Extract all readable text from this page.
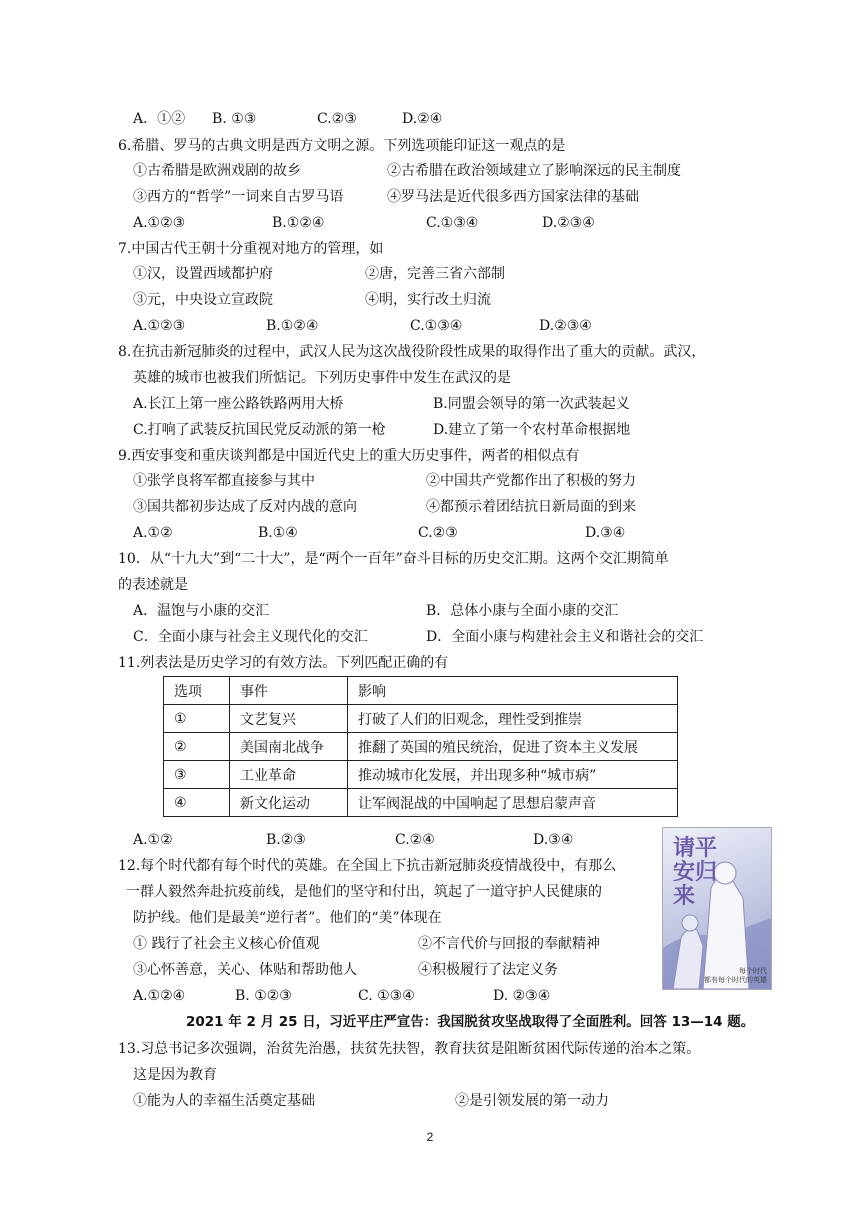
A．①② B. ①③	C.②③	D.②④
6.希腊、罗马的古典文明是西方文明之源。下列选项能印证这一观点的是
①古希腊是欧洲戏剧的故乡	②古希腊在政治领域建立了影响深远的民主制度
③西方的“哲学”一词来自古罗马语	④罗马法是近代很多西方国家法律的基础
A.①②③	B.①②④	C.①③④	D.②③④
7.中国古代王朝十分重视对地方的管理，如
①汉，设置西域都护府	②唐，完善三省六部制
③元，中央设立宣政院	④明，实行改土归流
A.①②③	B.①②④	C.①③④	D.②③④
8.在抗击新冠肺炎的过程中，武汉人民为这次战役阶段性成果的取得作出了重大的贡献。武汉，
英雄的城市也被我们所惦记。下列历史事件中发生在武汉的是
A.长江上第一座公路铁路两用大桥	B.同盟会领导的第一次武装起义
C.打响了武装反抗国民党反动派的第一枪	D.建立了第一个农村革命根据地
9.西安事变和重庆谈判都是中国近代史上的重大历史事件，两者的相似点有
①张学良将军都直接参与其中	②中国共产党都作出了积极的努力
③国共都初步达成了反对内战的意向	④都预示着团结抗日新局面的到来
A.①②	B.①④	C.②③	D.③④
10．从“十九大”到“二十大”，是“两个一百年”奋斗目标的历史交汇期。这两个交汇期简单
的表述就是
A．温饱与小康的交汇	B．总体小康与全面小康的交汇
C．全面小康与社会主义现代化的交汇	D．全面小康与构建社会主义和谐社会的交汇
11.列表法是历史学习的有效方法。下列匹配正确的有
选项	事件	影响
①	文艺复兴	打破了人们的旧观念，理性受到推崇
②	美国南北战争	推翻了英国的殖民统治，促进了资本主义发展
③	工业革命	推动城市化发展，并出现多种“城市病”
④	新文化运动	让军阀混战的中国响起了思想启蒙声音
A.①②	B.②③	C.②④	D.③④
12.每个时代都有每个时代的英雄。在全国上下抗击新冠肺炎疫情战役中，有那么
一群人毅然奔赴抗疫前线，是他们的坚守和付出，筑起了一道守护人民健康的
防护线。他们是最美“逆行者”。他们的“美”体现在
① 践行了社会主义核心价值观	②不言代价与回报的奉献精神
③心怀善意，关心、体贴和帮助他人	④积极履行了法定义务
A.①②④	B. ①②③	C. ①③④	D. ②③④
请平安归来
每个时代
都有每个时代的英雄
2021 年 2 月 25 日，习近平庄严宣告：我国脱贫攻坚战取得了全面胜利。回答 13—14 题。
13.习总书记多次强调，治贫先治愚，扶贫先扶智，教育扶贫是阻断贫困代际传递的治本之策。
这是因为教育
①能为人的幸福生活奠定基础	②是引领发展的第一动力
2
